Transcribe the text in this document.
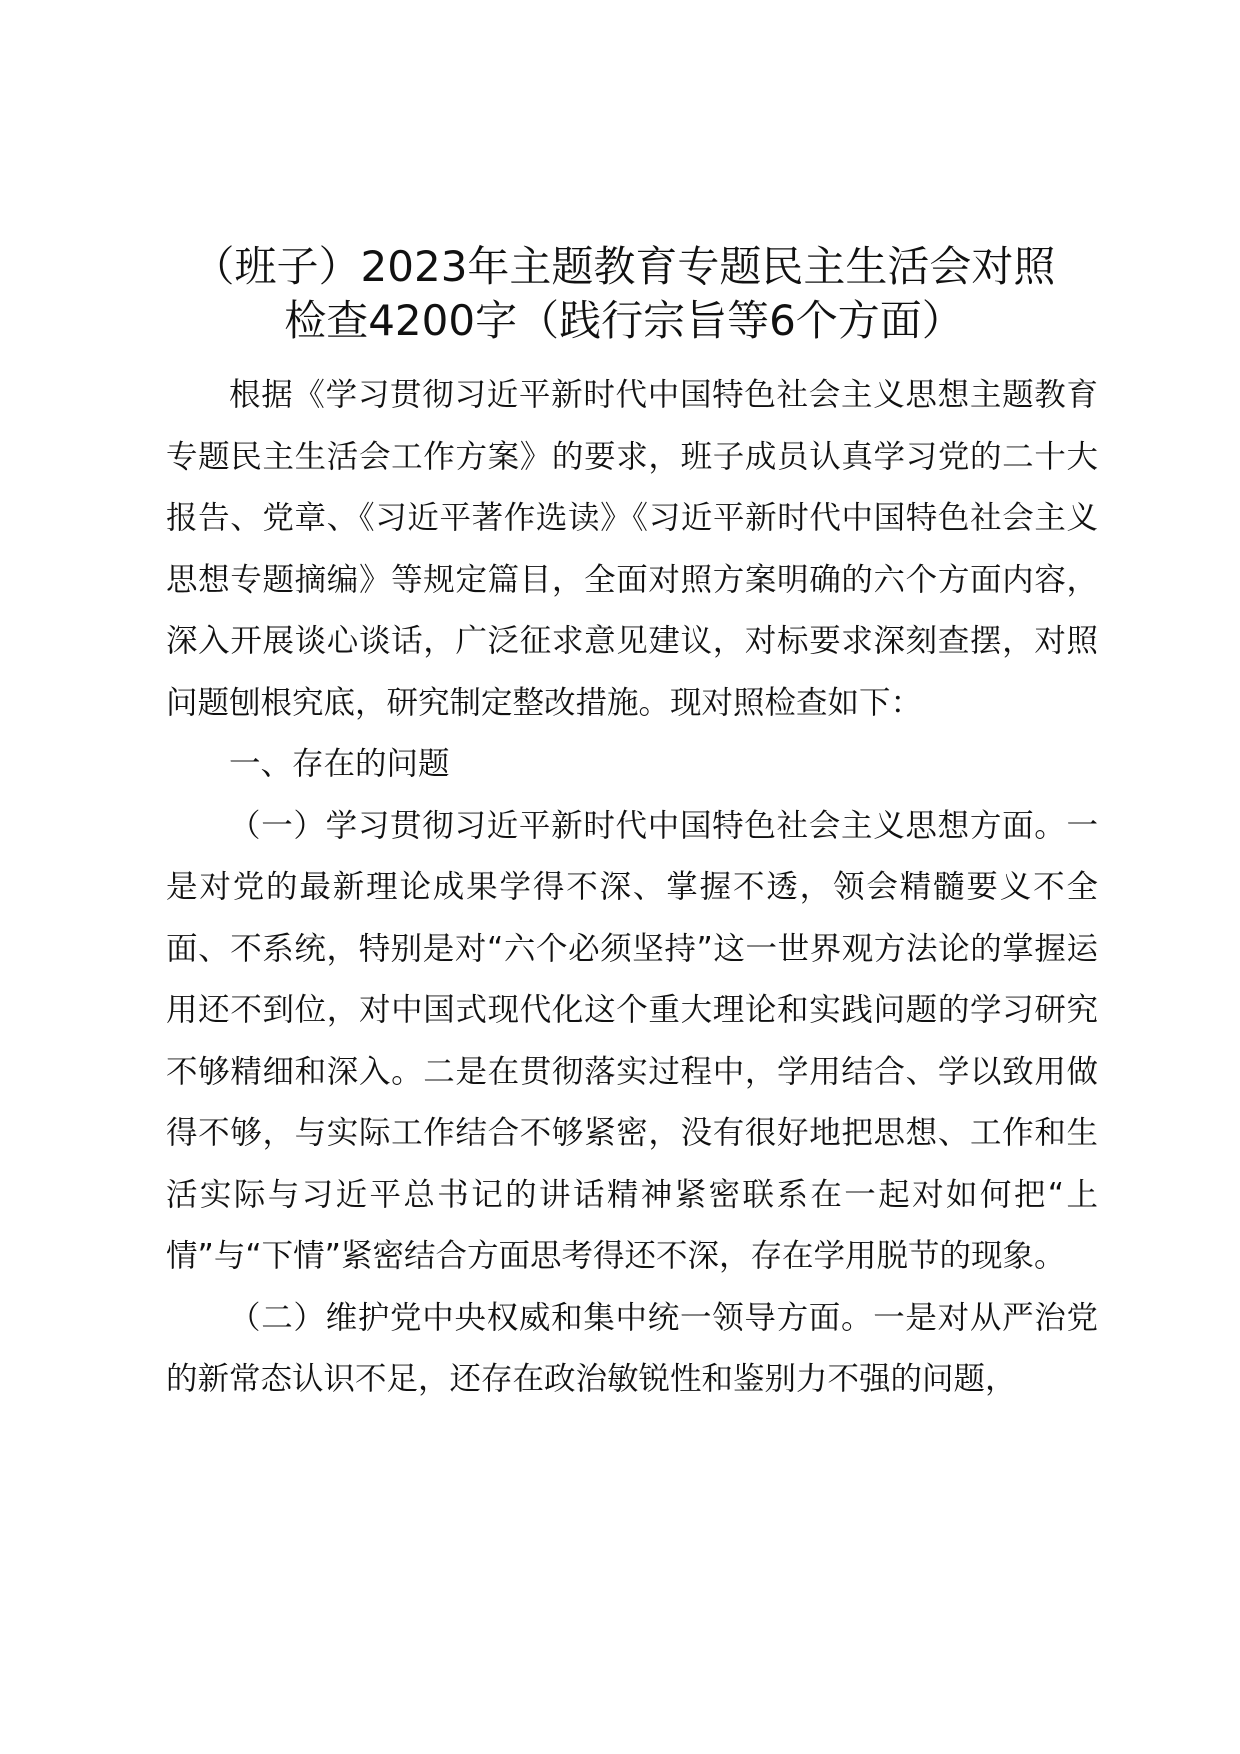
（班子）2023年主题教育专题民主生活会对照
检查4200字（践行宗旨等6个方面）

根据《学习贯彻习近平新时代中国特色社会主义思想主题教育专题民主生活会工作方案》的要求，班子成员认真学习党的二十大报告、党章、《习近平著作选读》《习近平新时代中国特色社会主义思想专题摘编》等规定篇目，全面对照方案明确的六个方面内容，深入开展谈心谈话，广泛征求意见建议，对标要求深刻查摆，对照问题刨根究底，研究制定整改措施。现对照检查如下：

一、存在的问题

（一）学习贯彻习近平新时代中国特色社会主义思想方面。一是对党的最新理论成果学得不深、掌握不透，领会精髓要义不全面、不系统，特别是对“六个必须坚持”这一世界观方法论的掌握运用还不到位，对中国式现代化这个重大理论和实践问题的学习研究不够精细和深入。二是在贯彻落实过程中，学用结合、学以致用做得不够，与实际工作结合不够紧密，没有很好地把思想、工作和生活实际与习近平总书记的讲话精神紧密联系在一起对如何把“上情”与“下情”紧密结合方面思考得还不深，存在学用脱节的现象。

（二）维护党中央权威和集中统一领导方面。一是对从严治党的新常态认识不足，还存在政治敏锐性和鉴别力不强的问题，
